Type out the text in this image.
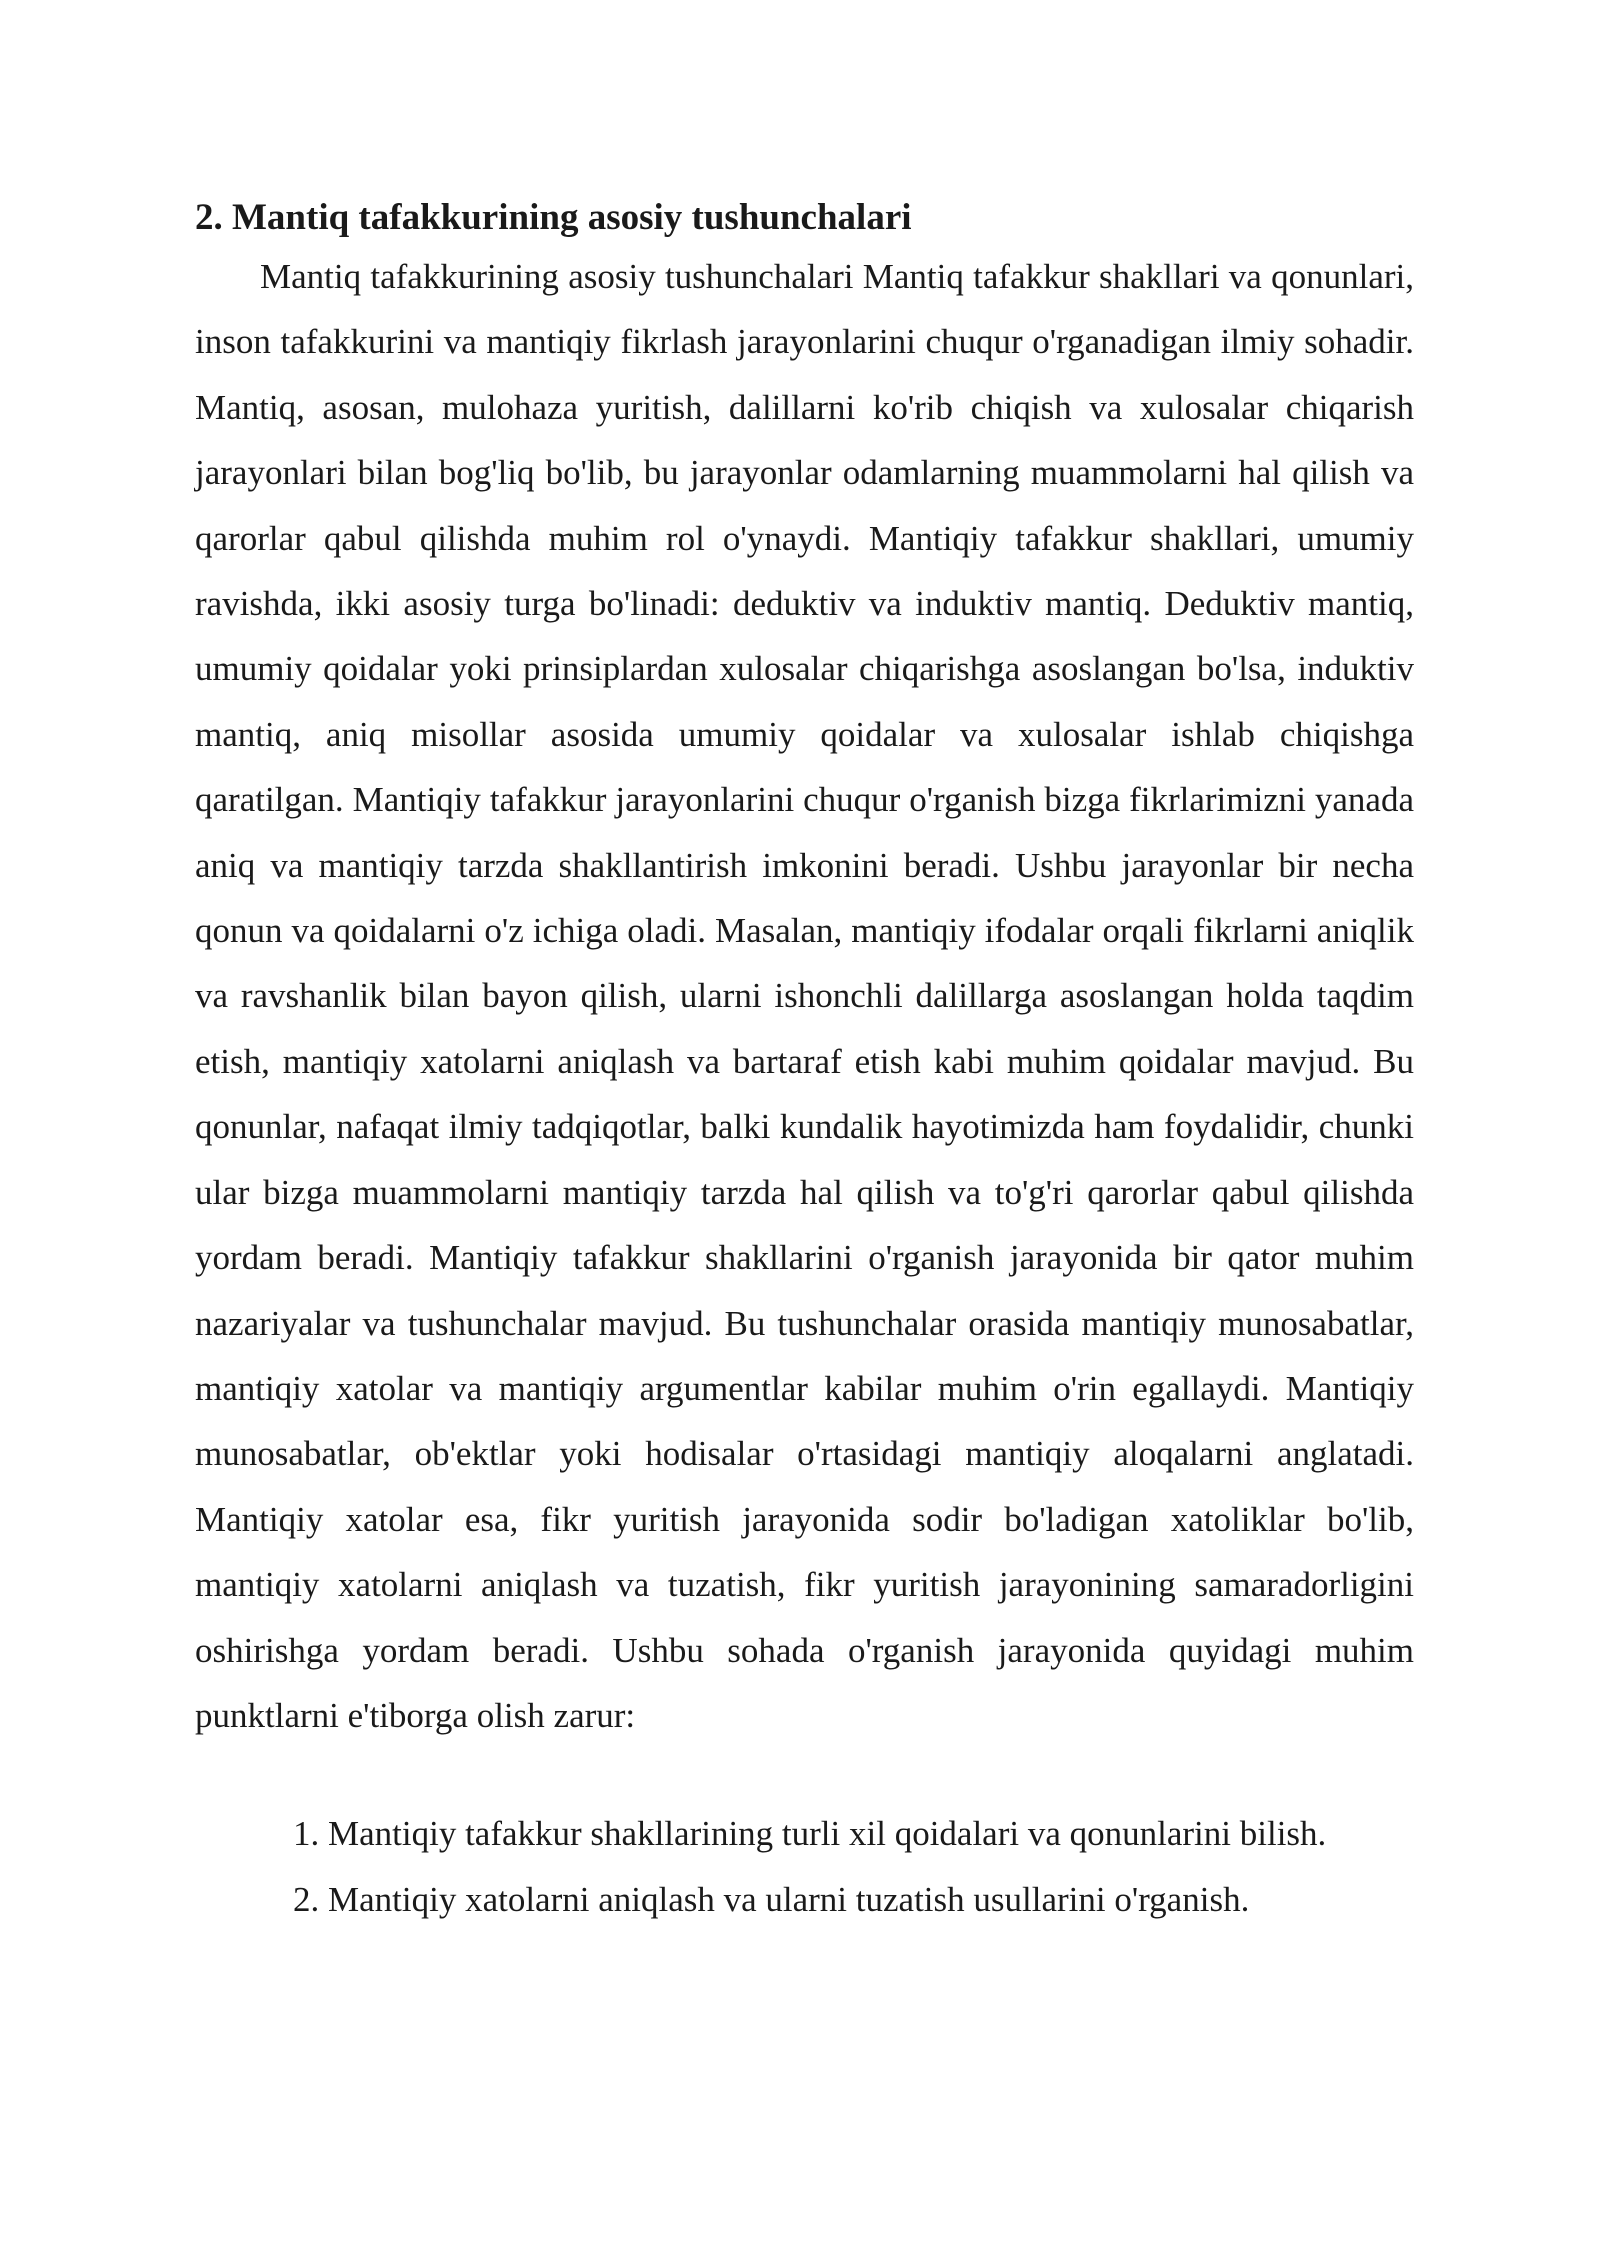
2. Mantiq tafakkurining asosiy tushunchalari

Mantiq tafakkurining asosiy tushunchalari Mantiq tafakkur shakllari va qonunlari, inson tafakkurini va mantiqiy fikrlash jarayonlarini chuqur o'rganadigan ilmiy sohadir. Mantiq, asosan, mulohaza yuritish, dalillarni ko'rib chiqish va xulosalar chiqarish jarayonlari bilan bog'liq bo'lib, bu jarayonlar odamlarning muammolarni hal qilish va qarorlar qabul qilishda muhim rol o'ynaydi. Mantiqiy tafakkur shakllari, umumiy ravishda, ikki asosiy turga bo'linadi: deduktiv va induktiv mantiq. Deduktiv mantiq, umumiy qoidalar yoki prinsiplardan xulosalar chiqarishga asoslangan bo'lsa, induktiv mantiq, aniq misollar asosida umumiy qoidalar va xulosalar ishlab chiqishga qaratilgan. Mantiqiy tafakkur jarayonlarini chuqur o'rganish bizga fikrlarimizni yanada aniq va mantiqiy tarzda shakllantirish imkonini beradi. Ushbu jarayonlar bir necha qonun va qoidalarni o'z ichiga oladi. Masalan, mantiqiy ifodalar orqali fikrlarni aniqlik va ravshanlik bilan bayon qilish, ularni ishonchli dalillarga asoslangan holda taqdim etish, mantiqiy xatolarni aniqlash va bartaraf etish kabi muhim qoidalar mavjud. Bu qonunlar, nafaqat ilmiy tadqiqotlar, balki kundalik hayotimizda ham foydalidir, chunki ular bizga muammolarni mantiqiy tarzda hal qilish va to'g'ri qarorlar qabul qilishda yordam beradi. Mantiqiy tafakkur shakllarini o'rganish jarayonida bir qator muhim nazariyalar va tushunchalar mavjud. Bu tushunchalar orasida mantiqiy munosabatlar, mantiqiy xatolar va mantiqiy argumentlar kabilar muhim o'rin egallaydi. Mantiqiy munosabatlar, ob'ektlar yoki hodisalar o'rtasidagi mantiqiy aloqalarni anglatadi. Mantiqiy xatolar esa, fikr yuritish jarayonida sodir bo'ladigan xatoliklar bo'lib, mantiqiy xatolarni aniqlash va tuzatish, fikr yuritish jarayonining samaradorligini oshirishga yordam beradi. Ushbu sohada o'rganish jarayonida quyidagi muhim punktlarni e'tiborga olish zarur:

1. Mantiqiy tafakkur shakllarining turli xil qoidalari va qonunlarini bilish.
2. Mantiqiy xatolarni aniqlash va ularni tuzatish usullarini o'rganish.
